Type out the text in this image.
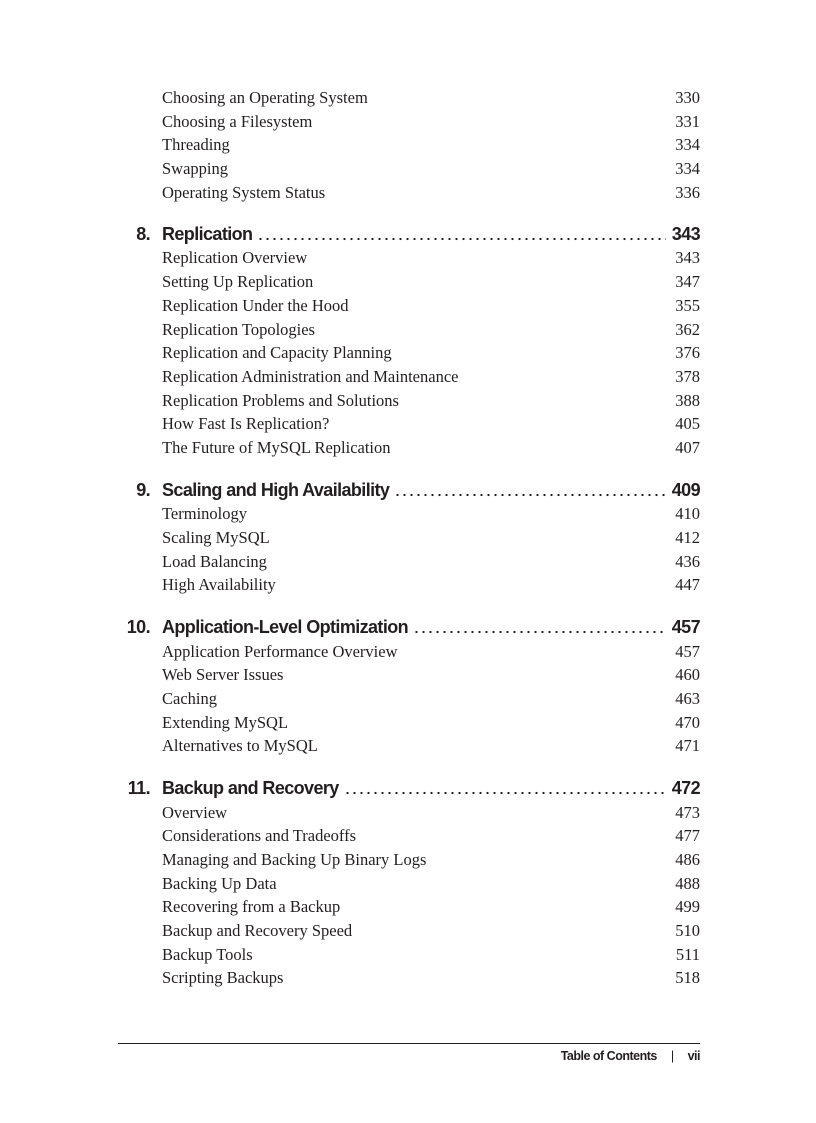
Choosing an Operating System	330
Choosing a Filesystem	331
Threading	334
Swapping	334
Operating System Status	336
8. Replication	343
Replication Overview	343
Setting Up Replication	347
Replication Under the Hood	355
Replication Topologies	362
Replication and Capacity Planning	376
Replication Administration and Maintenance	378
Replication Problems and Solutions	388
How Fast Is Replication?	405
The Future of MySQL Replication	407
9. Scaling and High Availability	409
Terminology	410
Scaling MySQL	412
Load Balancing	436
High Availability	447
10. Application-Level Optimization	457
Application Performance Overview	457
Web Server Issues	460
Caching	463
Extending MySQL	470
Alternatives to MySQL	471
11. Backup and Recovery	472
Overview	473
Considerations and Tradeoffs	477
Managing and Backing Up Binary Logs	486
Backing Up Data	488
Recovering from a Backup	499
Backup and Recovery Speed	510
Backup Tools	511
Scripting Backups	518
Table of Contents | vii
